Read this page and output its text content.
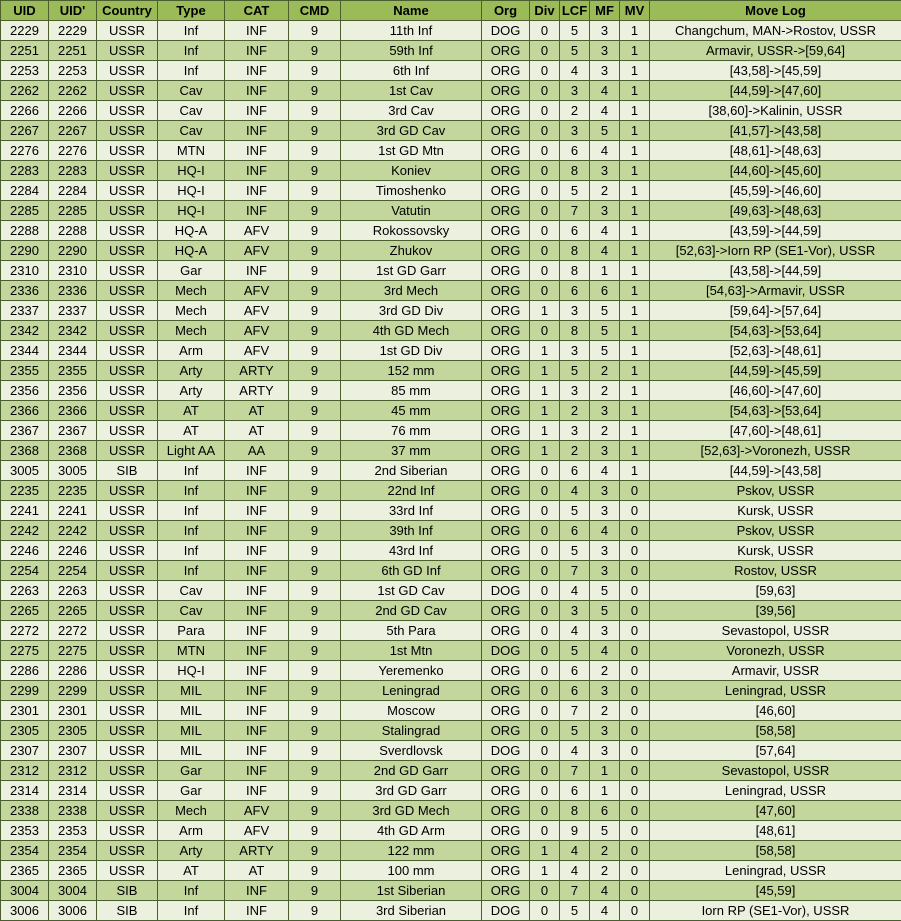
UID	UID'	Country	Type	CAT	CMD	Name	Org	Div	LCF	MF	MV	Move Log
2229	2229	USSR	Inf	INF	9	11th Inf	DOG	0	5	3	1	Changchum, MAN->Rostov, USSR
2251	2251	USSR	Inf	INF	9	59th Inf	ORG	0	5	3	1	Armavir, USSR->[59,64]
2253	2253	USSR	Inf	INF	9	6th Inf	ORG	0	4	3	1	[43,58]->[45,59]
2262	2262	USSR	Cav	INF	9	1st Cav	ORG	0	3	4	1	[44,59]->[47,60]
2266	2266	USSR	Cav	INF	9	3rd Cav	ORG	0	2	4	1	[38,60]->Kalinin, USSR
2267	2267	USSR	Cav	INF	9	3rd GD Cav	ORG	0	3	5	1	[41,57]->[43,58]
2276	2276	USSR	MTN	INF	9	1st GD Mtn	ORG	0	6	4	1	[48,61]->[48,63]
2283	2283	USSR	HQ-I	INF	9	Koniev	ORG	0	8	3	1	[44,60]->[45,60]
2284	2284	USSR	HQ-I	INF	9	Timoshenko	ORG	0	5	2	1	[45,59]->[46,60]
2285	2285	USSR	HQ-I	INF	9	Vatutin	ORG	0	7	3	1	[49,63]->[48,63]
2288	2288	USSR	HQ-A	AFV	9	Rokossovsky	ORG	0	6	4	1	[43,59]->[44,59]
2290	2290	USSR	HQ-A	AFV	9	Zhukov	ORG	0	8	4	1	[52,63]->Iorn RP (SE1-Vor), USSR
2310	2310	USSR	Gar	INF	9	1st GD Garr	ORG	0	8	1	1	[43,58]->[44,59]
2336	2336	USSR	Mech	AFV	9	3rd Mech	ORG	0	6	6	1	[54,63]->Armavir, USSR
2337	2337	USSR	Mech	AFV	9	3rd GD Div	ORG	1	3	5	1	[59,64]->[57,64]
2342	2342	USSR	Mech	AFV	9	4th GD Mech	ORG	0	8	5	1	[54,63]->[53,64]
2344	2344	USSR	Arm	AFV	9	1st GD Div	ORG	1	3	5	1	[52,63]->[48,61]
2355	2355	USSR	Arty	ARTY	9	152 mm	ORG	1	5	2	1	[44,59]->[45,59]
2356	2356	USSR	Arty	ARTY	9	85 mm	ORG	1	3	2	1	[46,60]->[47,60]
2366	2366	USSR	AT	AT	9	45 mm	ORG	1	2	3	1	[54,63]->[53,64]
2367	2367	USSR	AT	AT	9	76 mm	ORG	1	3	2	1	[47,60]->[48,61]
2368	2368	USSR	Light AA	AA	9	37 mm	ORG	1	2	3	1	[52,63]->Voronezh, USSR
3005	3005	SIB	Inf	INF	9	2nd Siberian	ORG	0	6	4	1	[44,59]->[43,58]
2235	2235	USSR	Inf	INF	9	22nd Inf	ORG	0	4	3	0	Pskov, USSR
2241	2241	USSR	Inf	INF	9	33rd Inf	ORG	0	5	3	0	Kursk, USSR
2242	2242	USSR	Inf	INF	9	39th Inf	ORG	0	6	4	0	Pskov, USSR
2246	2246	USSR	Inf	INF	9	43rd Inf	ORG	0	5	3	0	Kursk, USSR
2254	2254	USSR	Inf	INF	9	6th GD Inf	ORG	0	7	3	0	Rostov, USSR
2263	2263	USSR	Cav	INF	9	1st GD Cav	DOG	0	4	5	0	[59,63]
2265	2265	USSR	Cav	INF	9	2nd GD Cav	ORG	0	3	5	0	[39,56]
2272	2272	USSR	Para	INF	9	5th Para	ORG	0	4	3	0	Sevastopol, USSR
2275	2275	USSR	MTN	INF	9	1st Mtn	DOG	0	5	4	0	Voronezh, USSR
2286	2286	USSR	HQ-I	INF	9	Yeremenko	ORG	0	6	2	0	Armavir, USSR
2299	2299	USSR	MIL	INF	9	Leningrad	ORG	0	6	3	0	Leningrad, USSR
2301	2301	USSR	MIL	INF	9	Moscow	ORG	0	7	2	0	[46,60]
2305	2305	USSR	MIL	INF	9	Stalingrad	ORG	0	5	3	0	[58,58]
2307	2307	USSR	MIL	INF	9	Sverdlovsk	DOG	0	4	3	0	[57,64]
2312	2312	USSR	Gar	INF	9	2nd GD Garr	ORG	0	7	1	0	Sevastopol, USSR
2314	2314	USSR	Gar	INF	9	3rd GD Garr	ORG	0	6	1	0	Leningrad, USSR
2338	2338	USSR	Mech	AFV	9	3rd GD Mech	ORG	0	8	6	0	[47,60]
2353	2353	USSR	Arm	AFV	9	4th GD Arm	ORG	0	9	5	0	[48,61]
2354	2354	USSR	Arty	ARTY	9	122 mm	ORG	1	4	2	0	[58,58]
2365	2365	USSR	AT	AT	9	100 mm	ORG	1	4	2	0	Leningrad, USSR
3004	3004	SIB	Inf	INF	9	1st Siberian	ORG	0	7	4	0	[45,59]
3006	3006	SIB	Inf	INF	9	3rd Siberian	DOG	0	5	4	0	Iorn RP (SE1-Vor), USSR
